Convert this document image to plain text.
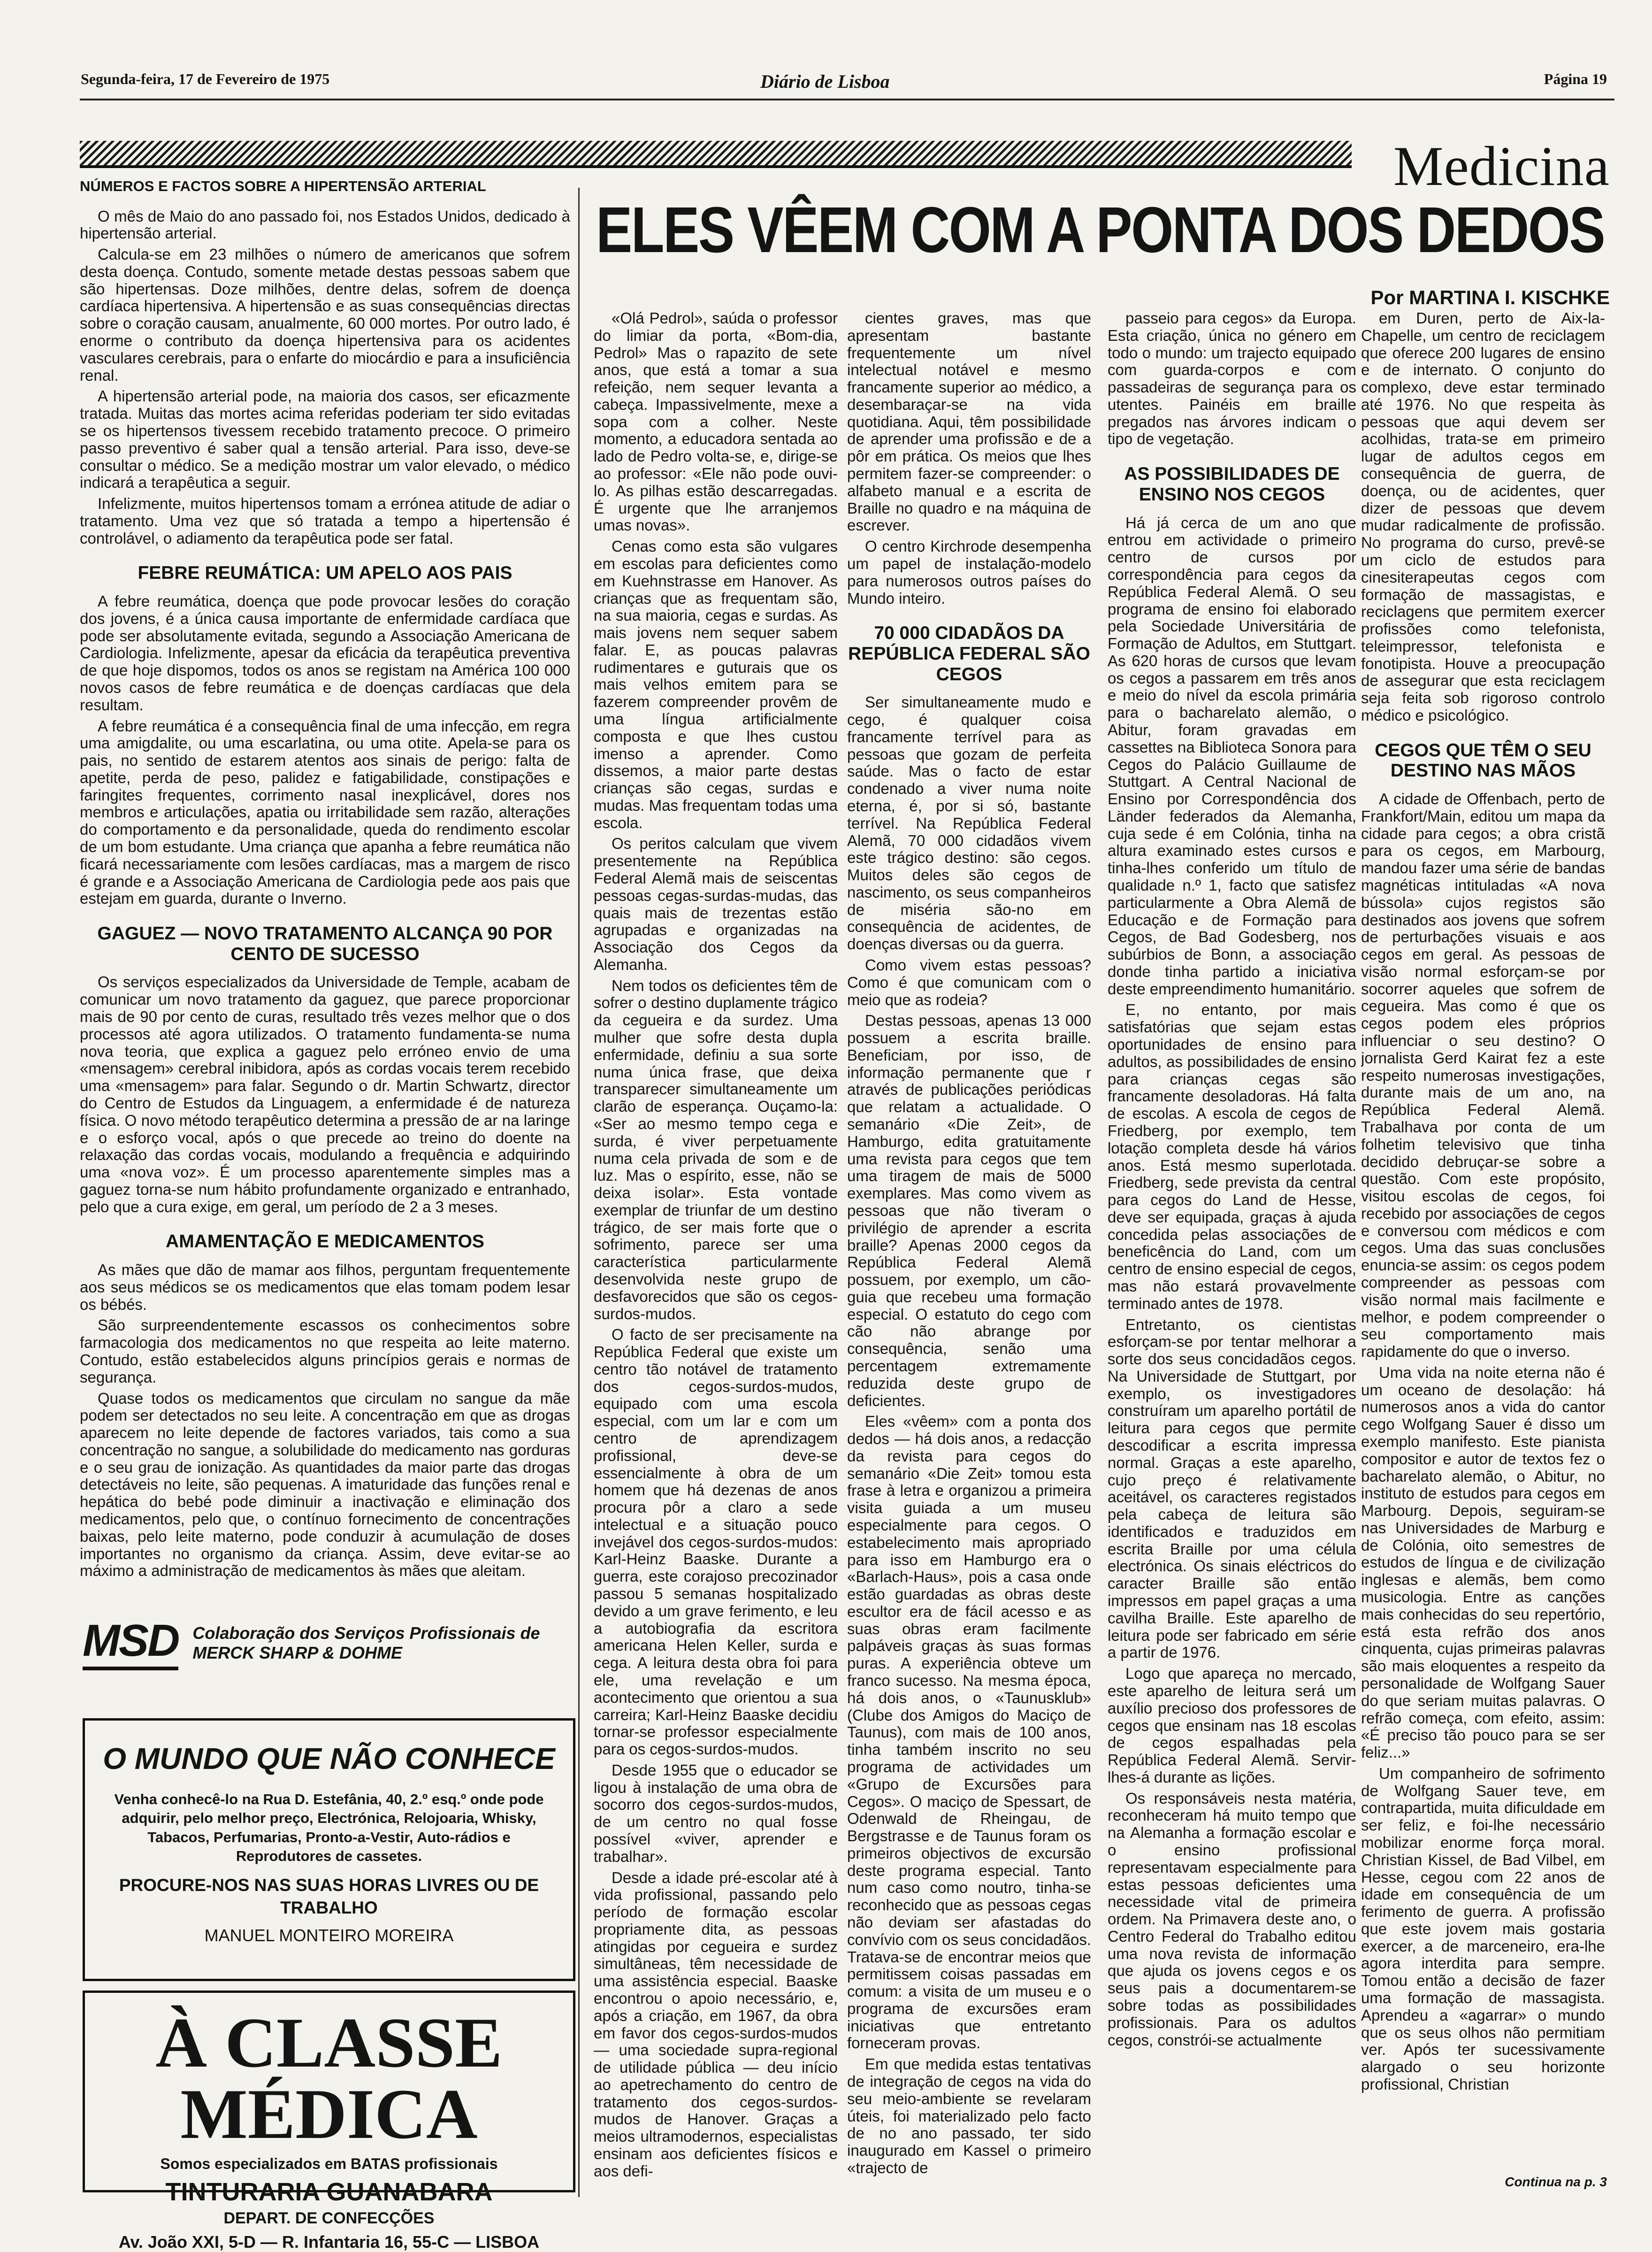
Segunda-feira, 17 de Fevereiro de 1975	Diário de Lisboa	Página 19
Medicina
ELES VÊEM COM A PONTA DOS DEDOS
Por MARTINA I. KISCHKE
NÚMEROS E FACTOS SOBRE A HIPERTENSÃO ARTERIAL

O mês de Maio do ano passado foi, nos Estados Unidos, dedicado à hipertensão arterial.

Calcula-se em 23 milhões o número de americanos que sofrem desta doença. Contudo, somente metade destas pessoas sabem que são hipertensas. Doze milhões, dentre delas, sofrem de doença cardíaca hipertensiva. A hipertensão e as suas consequências directas sobre o coração causam, anualmente, 60 000 mortes. Por outro lado, é enorme o contributo da doença hipertensiva para os acidentes vasculares cerebrais, para o enfarte do miocárdio e para a insuficiência renal.

A hipertensão arterial pode, na maioria dos casos, ser eficazmente tratada. Muitas das mortes acima referidas poderiam ter sido evitadas se os hipertensos tivessem recebido tratamento precoce. O primeiro passo preventivo é saber qual a tensão arterial. Para isso, deve-se consultar o médico. Se a medição mostrar um valor elevado, o médico indicará a terapêutica a seguir.

Infelizmente, muitos hipertensos tomam a errónea atitude de adiar o tratamento. Uma vez que só tratada a tempo a hipertensão é controlável, o adiamento da terapêutica pode ser fatal.

FEBRE REUMÁTICA: UM APELO AOS PAIS

A febre reumática, doença que pode provocar lesões do coração dos jovens, é a única causa importante de enfermidade cardíaca que pode ser absolutamente evitada, segundo a Associação Americana de Cardiologia. Infelizmente, apesar da eficácia da terapêutica preventiva de que hoje dispomos, todos os anos se registam na América 100 000 novos casos de febre reumática e de doenças cardíacas que dela resultam.

A febre reumática é a consequência final de uma infecção, em regra uma amigdalite, ou uma escarlatina, ou uma otite. Apela-se para os pais, no sentido de estarem atentos aos sinais de perigo: falta de apetite, perda de peso, palidez e fatigabilidade, constipações e faringites frequentes, corrimento nasal inexplicável, dores nos membros e articulações, apatia ou irritabilidade sem razão, alterações do comportamento e da personalidade, queda do rendimento escolar de um bom estudante. Uma criança que apanha a febre reumática não ficará necessariamente com lesões cardíacas, mas a margem de risco é grande e a Associação Americana de Cardiologia pede aos pais que estejam em guarda, durante o Inverno.

GAGUEZ — NOVO TRATAMENTO ALCANÇA 90 POR CENTO DE SUCESSO

Os serviços especializados da Universidade de Temple, acabam de comunicar um novo tratamento da gaguez, que parece proporcionar mais de 90 por cento de curas, resultado três vezes melhor que o dos processos até agora utilizados. O tratamento fundamenta-se numa nova teoria, que explica a gaguez pelo erróneo envio de uma «mensagem» cerebral inibidora, após as cordas vocais terem recebido uma «mensagem» para falar. Segundo o dr. Martin Schwartz, director do Centro de Estudos da Linguagem, a enfermidade é de natureza física. O novo método terapêutico determina a pressão de ar na laringe e o esforço vocal, após o que precede ao treino do doente na relaxação das cordas vocais, modulando a frequência e adquirindo uma «nova voz». É um processo aparentemente simples mas a gaguez torna-se num hábito profundamente organizado e entranhado, pelo que a cura exige, em geral, um período de 2 a 3 meses.

AMAMENTAÇÃO E MEDICAMENTOS

As mães que dão de mamar aos filhos, perguntam frequentemente aos seus médicos se os medicamentos que elas tomam podem lesar os bébés.

São surpreendentemente escassos os conhecimentos sobre farmacologia dos medicamentos no que respeita ao leite materno. Contudo, estão estabelecidos alguns princípios gerais e normas de segurança.

Quase todos os medicamentos que circulam no sangue da mãe podem ser detectados no seu leite. A concentração em que as drogas aparecem no leite depende de factores variados, tais como a sua concentração no sangue, a solubilidade do medicamento nas gorduras e o seu grau de ionização. As quantidades da maior parte das drogas detectáveis no leite, são pequenas. A imaturidade das funções renal e hepática do bebé pode diminuir a inactivação e eliminação dos medicamentos, pelo que, o contínuo fornecimento de concentrações baixas, pelo leite materno, pode conduzir à acumulação de doses importantes no organismo da criança. Assim, deve evitar-se ao máximo a administração de medicamentos às mães que aleitam.

MSD Colaboração dos Serviços Profissionais de MERCK SHARP & DOHME
O MUNDO QUE NÃO CONHECE
Venha conhecê-lo na Rua D. Estefânia, 40, 2.º esq.º onde pode adquirir, pelo melhor preço, Electrónica, Relojoaria, Whisky, Tabacos, Perfumarias, Pronto-a-Vestir, Auto-rádios e Reprodutores de cassetes.
PROCURE-NOS NAS SUAS HORAS LIVRES OU DE TRABALHO
MANUEL MONTEIRO MOREIRA
À CLASSE MÉDICA
Somos especializados em BATAS profissionais
TINTURARIA GUANABARA
DEPART. DE CONFECÇÕES
Av. João XXI, 5-D — R. Infantaria 16, 55-C — LISBOA

«Olá Pedrol», saúda o professor do limiar da porta, «Bom-dia, Pedrol» Mas o rapazito de sete anos, que está a tomar a sua refeição, nem sequer levanta a cabeça. Impassivelmente, mexe a sopa com a colher. Neste momento, a educadora sentada ao lado de Pedro volta-se, e, dirige-se ao professor: «Ele não pode ouvi-lo. As pilhas estão descarregadas. É urgente que lhe arranjemos umas novas».

Cenas como esta são vulgares em escolas para deficientes como em Kuehnstrasse em Hanover. As crianças que as frequentam são, na sua maioria, cegas e surdas. As mais jovens nem sequer sabem falar. E, as poucas palavras rudimentares e guturais que os mais velhos emitem para se fazerem compreender provêm de uma língua artificialmente composta e que lhes custou imenso a aprender. Como dissemos, a maior parte destas crianças são cegas, surdas e mudas. Mas frequentam todas uma escola.

Os peritos calculam que vivem presentemente na República Federal Alemã mais de seiscentas pessoas cegas-surdas-mudas, das quais mais de trezentas estão agrupadas e organizadas na Associação dos Cegos da Alemanha.

Nem todos os deficientes têm de sofrer o destino duplamente trágico da cegueira e da surdez. Uma mulher que sofre desta dupla enfermidade, definiu a sua sorte numa única frase, que deixa transparecer simultaneamente um clarão de esperança. Ouçamo-la: «Ser ao mesmo tempo cega e surda, é viver perpetuamente numa cela privada de som e de luz. Mas o espírito, esse, não se deixa isolar». Esta vontade exemplar de triunfar de um destino trágico, de ser mais forte que o sofrimento, parece ser uma característica particularmente desenvolvida neste grupo de desfavorecidos que são os cegos-surdos-mudos.

O facto de ser precisamente na República Federal que existe um centro tão notável de tratamento dos cegos-surdos-mudos, equipado com uma escola especial, com um lar e com um centro de aprendizagem profissional, deve-se essencialmente à obra de um homem que há dezenas de anos procura pôr a claro a sede intelectual e a situação pouco invejável dos cegos-surdos-mudos: Karl-Heinz Baaske. Durante a guerra, este corajoso precozinador passou 5 semanas hospitalizado devido a um grave ferimento, e leu a autobiografia da escritora americana Helen Keller, surda e cega. A leitura desta obra foi para ele, uma revelação e um acontecimento que orientou a sua carreira; Karl-Heinz Baaske decidiu tornar-se professor especialmente para os cegos-surdos-mudos.

Desde 1955 que o educador se ligou à instalação de uma obra de socorro dos cegos-surdos-mudos, de um centro no qual fosse possível «viver, aprender e trabalhar».

Desde a idade pré-escolar até à vida profissional, passando pelo período de formação escolar propriamente dita, as pessoas atingidas por cegueira e surdez simultâneas, têm necessidade de uma assistência especial. Baaske encontrou o apoio necessário, e, após a criação, em 1967, da obra em favor dos cegos-surdos-mudos — uma sociedade supra-regional de utilidade pública — deu início ao apetrechamento do centro de tratamento dos cegos-surdos-mudos de Hanover. Graças a meios ultramodernos, especialistas ensinam aos deficientes físicos e aos defi-

cientes graves, mas que apresentam bastante frequentemente um nível intelectual notável e mesmo francamente superior ao médico, a desembaraçar-se na vida quotidiana. Aqui, têm possibilidade de aprender uma profissão e de a pôr em prática. Os meios que lhes permitem fazer-se compreender: o alfabeto manual e a escrita de Braille no quadro e na máquina de escrever.

O centro Kirchrode desempenha um papel de instalação-modelo para numerosos outros países do Mundo inteiro.

70 000 CIDADÃOS DA REPÚBLICA FEDERAL SÃO CEGOS

Ser simultaneamente mudo e cego, é qualquer coisa francamente terrível para as pessoas que gozam de perfeita saúde. Mas o facto de estar condenado a viver numa noite eterna, é, por si só, bastante terrível. Na República Federal Alemã, 70 000 cidadãos vivem este trágico destino: são cegos. Muitos deles são cegos de nascimento, os seus companheiros de miséria são-no em consequência de acidentes, de doenças diversas ou da guerra.

Como vivem estas pessoas? Como é que comunicam com o meio que as rodeia?

Destas pessoas, apenas 13 000 possuem a escrita braille. Beneficiam, por isso, de informação permanente que r através de publicações periódicas que relatam a actualidade. O semanário «Die Zeit», de Hamburgo, edita gratuitamente uma revista para cegos que tem uma tiragem de mais de 5000 exemplares. Mas como vivem as pessoas que não tiveram o privilégio de aprender a escrita braille? Apenas 2000 cegos da República Federal Alemã possuem, por exemplo, um cão-guia que recebeu uma formação especial. O estatuto do cego com cão não abrange por consequência, senão uma percentagem extremamente reduzida deste grupo de deficientes.

Eles «vêem» com a ponta dos dedos — há dois anos, a redacção da revista para cegos do semanário «Die Zeit» tomou esta frase à letra e organizou a primeira visita guiada a um museu especialmente para cegos. O estabelecimento mais apropriado para isso em Hamburgo era o «Barlach-Haus», pois a casa onde estão guardadas as obras deste escultor era de fácil acesso e as suas obras eram facilmente palpáveis graças às suas formas puras. A experiência obteve um franco sucesso. Na mesma época, há dois anos, o «Taunusklub» (Clube dos Amigos do Maciço de Taunus), com mais de 100 anos, tinha também inscrito no seu programa de actividades um «Grupo de Excursões para Cegos». O maciço de Spessart, de Odenwald de Rheingau, de Bergstrasse e de Taunus foram os primeiros objectivos de excursão deste programa especial. Tanto num caso como noutro, tinha-se reconhecido que as pessoas cegas não deviam ser afastadas do convívio com os seus concidadãos. Tratava-se de encontrar meios que permitissem coisas passadas em comum: a visita de um museu e o programa de excursões eram iniciativas que entretanto forneceram provas.

Em que medida estas tentativas de integração de cegos na vida do seu meio-ambiente se revelaram úteis, foi materializado pelo facto de no ano passado, ter sido inaugurado em Kassel o primeiro «trajecto de

passeio para cegos» da Europa. Esta criação, única no género em todo o mundo: um trajecto equipado com guarda-corpos e com passadeiras de segurança para os utentes. Painéis em braille pregados nas árvores indicam o tipo de vegetação.

AS POSSIBILIDADES DE ENSINO NOS CEGOS

Há já cerca de um ano que entrou em actividade o primeiro centro de cursos por correspondência para cegos da República Federal Alemã. O seu programa de ensino foi elaborado pela Sociedade Universitária de Formação de Adultos, em Stuttgart. As 620 horas de cursos que levam os cegos a passarem em três anos e meio do nível da escola primária para o bacharelato alemão, o Abitur, foram gravadas em cassettes na Biblioteca Sonora para Cegos do Palácio Guillaume de Stuttgart. A Central Nacional de Ensino por Correspondência dos Länder federados da Alemanha, cuja sede é em Colónia, tinha na altura examinado estes cursos e tinha-lhes conferido um título de qualidade n.º 1, facto que satisfez particularmente a Obra Alemã de Educação e de Formação para Cegos, de Bad Godesberg, nos subúrbios de Bonn, a associação donde tinha partido a iniciativa deste empreendimento humanitário.

E, no entanto, por mais satisfatórias que sejam estas oportunidades de ensino para adultos, as possibilidades de ensino para crianças cegas são francamente desoladoras. Há falta de escolas. A escola de cegos de Friedberg, por exemplo, tem lotação completa desde há vários anos. Está mesmo superlotada. Friedberg, sede prevista da central para cegos do Land de Hesse, deve ser equipada, graças à ajuda concedida pelas associações de beneficência do Land, com um centro de ensino especial de cegos, mas não estará provavelmente terminado antes de 1978.

Entretanto, os cientistas esforçam-se por tentar melhorar a sorte dos seus concidadãos cegos. Na Universidade de Stuttgart, por exemplo, os investigadores construíram um aparelho portátil de leitura para cegos que permite descodificar a escrita impressa normal. Graças a este aparelho, cujo preço é relativamente aceitável, os caracteres registados pela cabeça de leitura são identificados e traduzidos em escrita Braille por uma célula electrónica. Os sinais eléctricos do caracter Braille são então impressos em papel graças a uma cavilha Braille. Este aparelho de leitura pode ser fabricado em série a partir de 1976.

Logo que apareça no mercado, este aparelho de leitura será um auxílio precioso dos professores de cegos que ensinam nas 18 escolas de cegos espalhadas pela República Federal Alemã. Servir-lhes-á durante as lições.

Os responsáveis nesta matéria, reconheceram há muito tempo que na Alemanha a formação escolar e o ensino profissional representavam especialmente para estas pessoas deficientes uma necessidade vital de primeira ordem. Na Primavera deste ano, o Centro Federal do Trabalho editou uma nova revista de informação que ajuda os jovens cegos e os seus pais a documentarem-se sobre todas as possibilidades profissionais. Para os adultos cegos, constrói-se actualmente

em Duren, perto de Aix-la-Chapelle, um centro de reciclagem que oferece 200 lugares de ensino e de internato. O conjunto do complexo, deve estar terminado até 1976. No que respeita às pessoas que aqui devem ser acolhidas, trata-se em primeiro lugar de adultos cegos em consequência de guerra, de doença, ou de acidentes, quer dizer de pessoas que devem mudar radicalmente de profissão. No programa do curso, prevê-se um ciclo de estudos para cinesiterapeutas cegos com formação de massagistas, e reciclagens que permitem exercer profissões como telefonista, teleimpressor, telefonista e fonotipista. Houve a preocupação de assegurar que esta reciclagem seja feita sob rigoroso controlo médico e psicológico.

CEGOS QUE TÊM O SEU DESTINO NAS MÃOS

A cidade de Offenbach, perto de Frankfort/Main, editou um mapa da cidade para cegos; a obra cristã para os cegos, em Marbourg, mandou fazer uma série de bandas magnéticas intituladas «A nova bússola» cujos registos são destinados aos jovens que sofrem de perturbações visuais e aos cegos em geral. As pessoas de visão normal esforçam-se por socorrer aqueles que sofrem de cegueira. Mas como é que os cegos podem eles próprios influenciar o seu destino? O jornalista Gerd Kairat fez a este respeito numerosas investigações, durante mais de um ano, na República Federal Alemã. Trabalhava por conta de um folhetim televisivo que tinha decidido debruçar-se sobre a questão. Com este propósito, visitou escolas de cegos, foi recebido por associações de cegos e conversou com médicos e com cegos. Uma das suas conclusões enuncia-se assim: os cegos podem compreender as pessoas com visão normal mais facilmente e melhor, e podem compreender o seu comportamento mais rapidamente do que o inverso.

Uma vida na noite eterna não é um oceano de desolação: há numerosos anos a vida do cantor cego Wolfgang Sauer é disso um exemplo manifesto. Este pianista compositor e autor de textos fez o bacharelato alemão, o Abitur, no instituto de estudos para cegos em Marbourg. Depois, seguiram-se nas Universidades de Marburg e de Colónia, oito semestres de estudos de língua e de civilização inglesas e alemãs, bem como musicologia. Entre as canções mais conhecidas do seu repertório, está esta refrão dos anos cinquenta, cujas primeiras palavras são mais eloquentes a respeito da personalidade de Wolfgang Sauer do que seriam muitas palavras. O refrão começa, com efeito, assim: «É preciso tão pouco para se ser feliz...»

Um companheiro de sofrimento de Wolfgang Sauer teve, em contrapartida, muita dificuldade em ser feliz, e foi-lhe necessário mobilizar enorme força moral. Christian Kissel, de Bad Vilbel, em Hesse, cegou com 22 anos de idade em consequência de um ferimento de guerra. A profissão que este jovem mais gostaria exercer, a de marceneiro, era-lhe agora interdita para sempre. Tomou então a decisão de fazer uma formação de massagista. Aprendeu a «agarrar» o mundo que os seus olhos não permitiam ver. Após ter sucessivamente alargado o seu horizonte profissional, Christian

Continua na p. 3
